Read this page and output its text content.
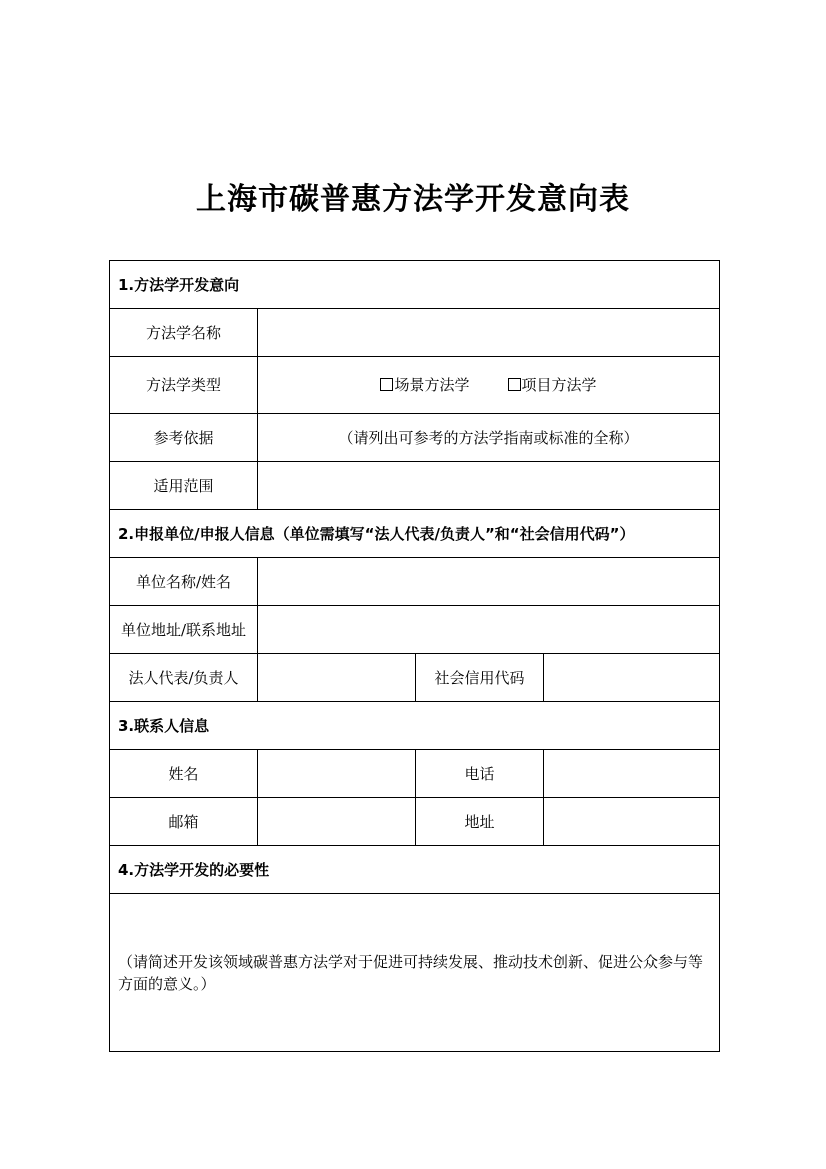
上海市碳普惠方法学开发意向表
1.方法学开发意向			
方法学名称			
方法学类型	场景方法学 项目方法学		
参考依据	（请列出可参考的方法学指南或标准的全称）		
适用范围			
2.申报单位/申报人信息（单位需填写“法人代表/负责人”和“社会信用代码”）			
单位名称/姓名			
单位地址/联系地址			
法人代表/负责人		社会信用代码	
3.联系人信息			
姓名		电话	
邮箱		地址	
4.方法学开发的必要性			
（请简述开发该领域碳普惠方法学对于促进可持续发展、推动技术创新、促进公众参与等方面的意义。）			
